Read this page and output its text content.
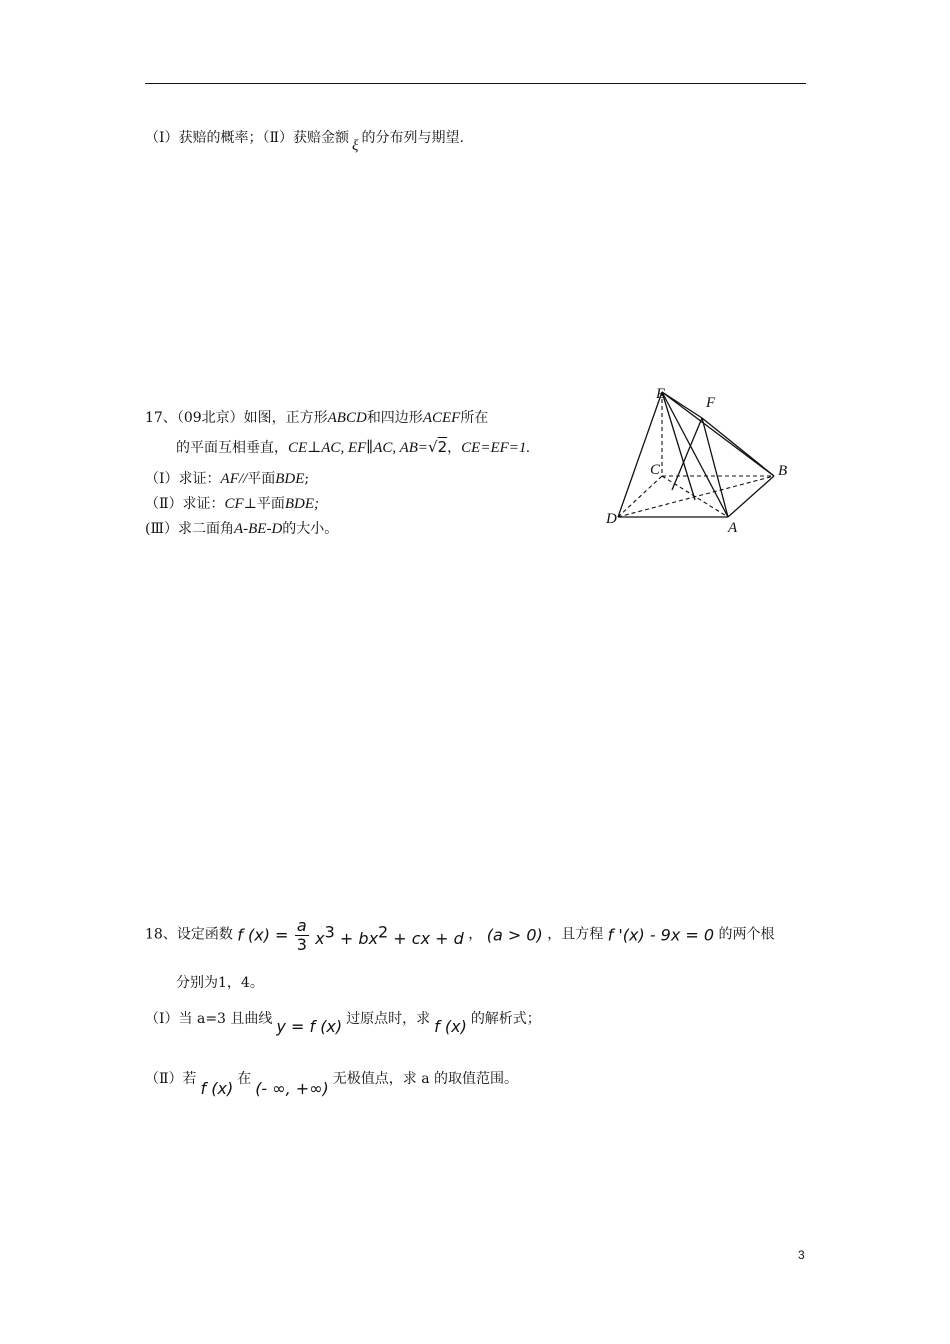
（Ⅰ）获赔的概率；（Ⅱ）获赔金额 ξ 的分布列与期望.
17、（09北京）如图，正方形ABCD和四边形ACEF所在
的平面互相垂直，CE⊥AC, EF∥AC, AB=√2，CE=EF=1.
（Ⅰ）求证：AF//平面BDE;
（Ⅱ）求证：CF⊥平面BDE;
(Ⅲ）求二面角A-BE-D的大小。
E
F
C	B
D
A
18、设定函数 f $(x) = \frac{a}{3} x^3 + bx^2$ + cx + d ， (a > 0) ，且方程 f '(x) - 9x = 0 的两个根
分别为1，4。
（Ⅰ）当 a=3 且曲线 y = f (x) 过原点时，求 f (x) 的解析式；
（Ⅱ）若 f (x) 在 (- ∞, +∞) 无极值点，求 a 的取值范围。
3
